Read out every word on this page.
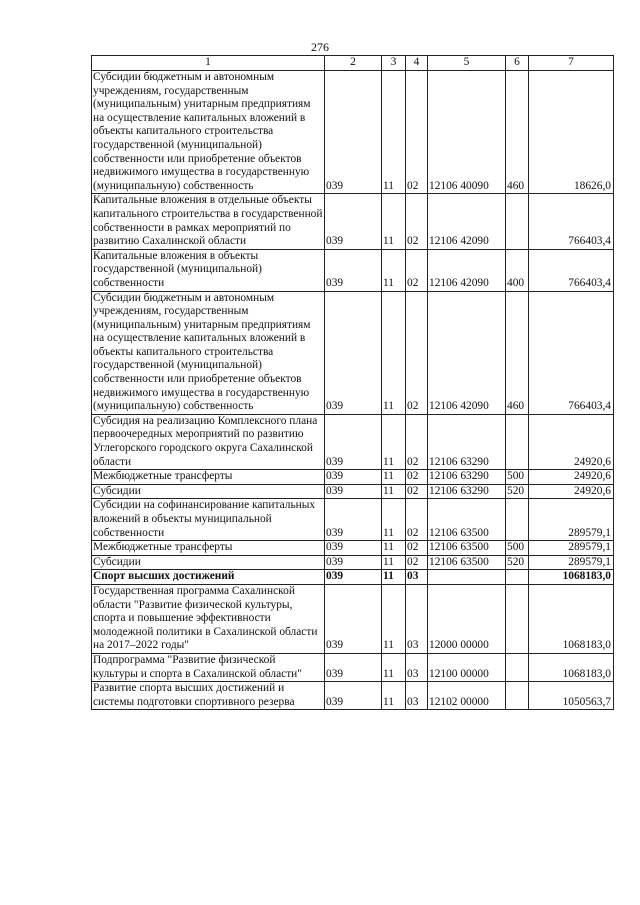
276
1	2	3	4	5	6	7
Субсидии бюджетным и автономным учреждениям, государственным (муниципальным) унитарным предприятиям на осуществление капитальных вложений в объекты капитального строительства государственной (муниципальной) собственности или приобретение объектов недвижимого имущества в государственную (муниципальную) собственность	039	11	02	12106 40090	460	18626,0
Капитальные вложения в отдельные объекты капитального строительства в государственной собственности в рамках мероприятий по развитию Сахалинской области	039	11	02	12106 42090		766403,4
Капитальные вложения в объекты государственной (муниципальной) собственности	039	11	02	12106 42090	400	766403,4
Субсидии бюджетным и автономным учреждениям, государственным (муниципальным) унитарным предприятиям на осуществление капитальных вложений в объекты капитального строительства государственной (муниципальной) собственности или приобретение объектов недвижимого имущества в государственную (муниципальную) собственность	039	11	02	12106 42090	460	766403,4
Субсидия на реализацию Комплексного плана первоочередных мероприятий по развитию Углегорского городского округа Сахалинской области	039	11	02	12106 63290		24920,6
Межбюджетные трансферты	039	11	02	12106 63290	500	24920,6
Субсидии	039	11	02	12106 63290	520	24920,6
Субсидии на софинансирование капитальных вложений в объекты муниципальной собственности	039	11	02	12106 63500		289579,1
Межбюджетные трансферты	039	11	02	12106 63500	500	289579,1
Субсидии	039	11	02	12106 63500	520	289579,1
Спорт высших достижений	039	11	03			1068183,0
Государственная программа Сахалинской области "Развитие физической культуры, спорта и повышение эффективности молодежной политики в Сахалинской области на 2017–2022 годы"	039	11	03	12000 00000		1068183,0
Подпрограмма "Развитие физической культуры и спорта в Сахалинской области"	039	11	03	12100 00000		1068183,0
Развитие спорта высших достижений и системы подготовки спортивного резерва	039	11	03	12102 00000		1050563,7
